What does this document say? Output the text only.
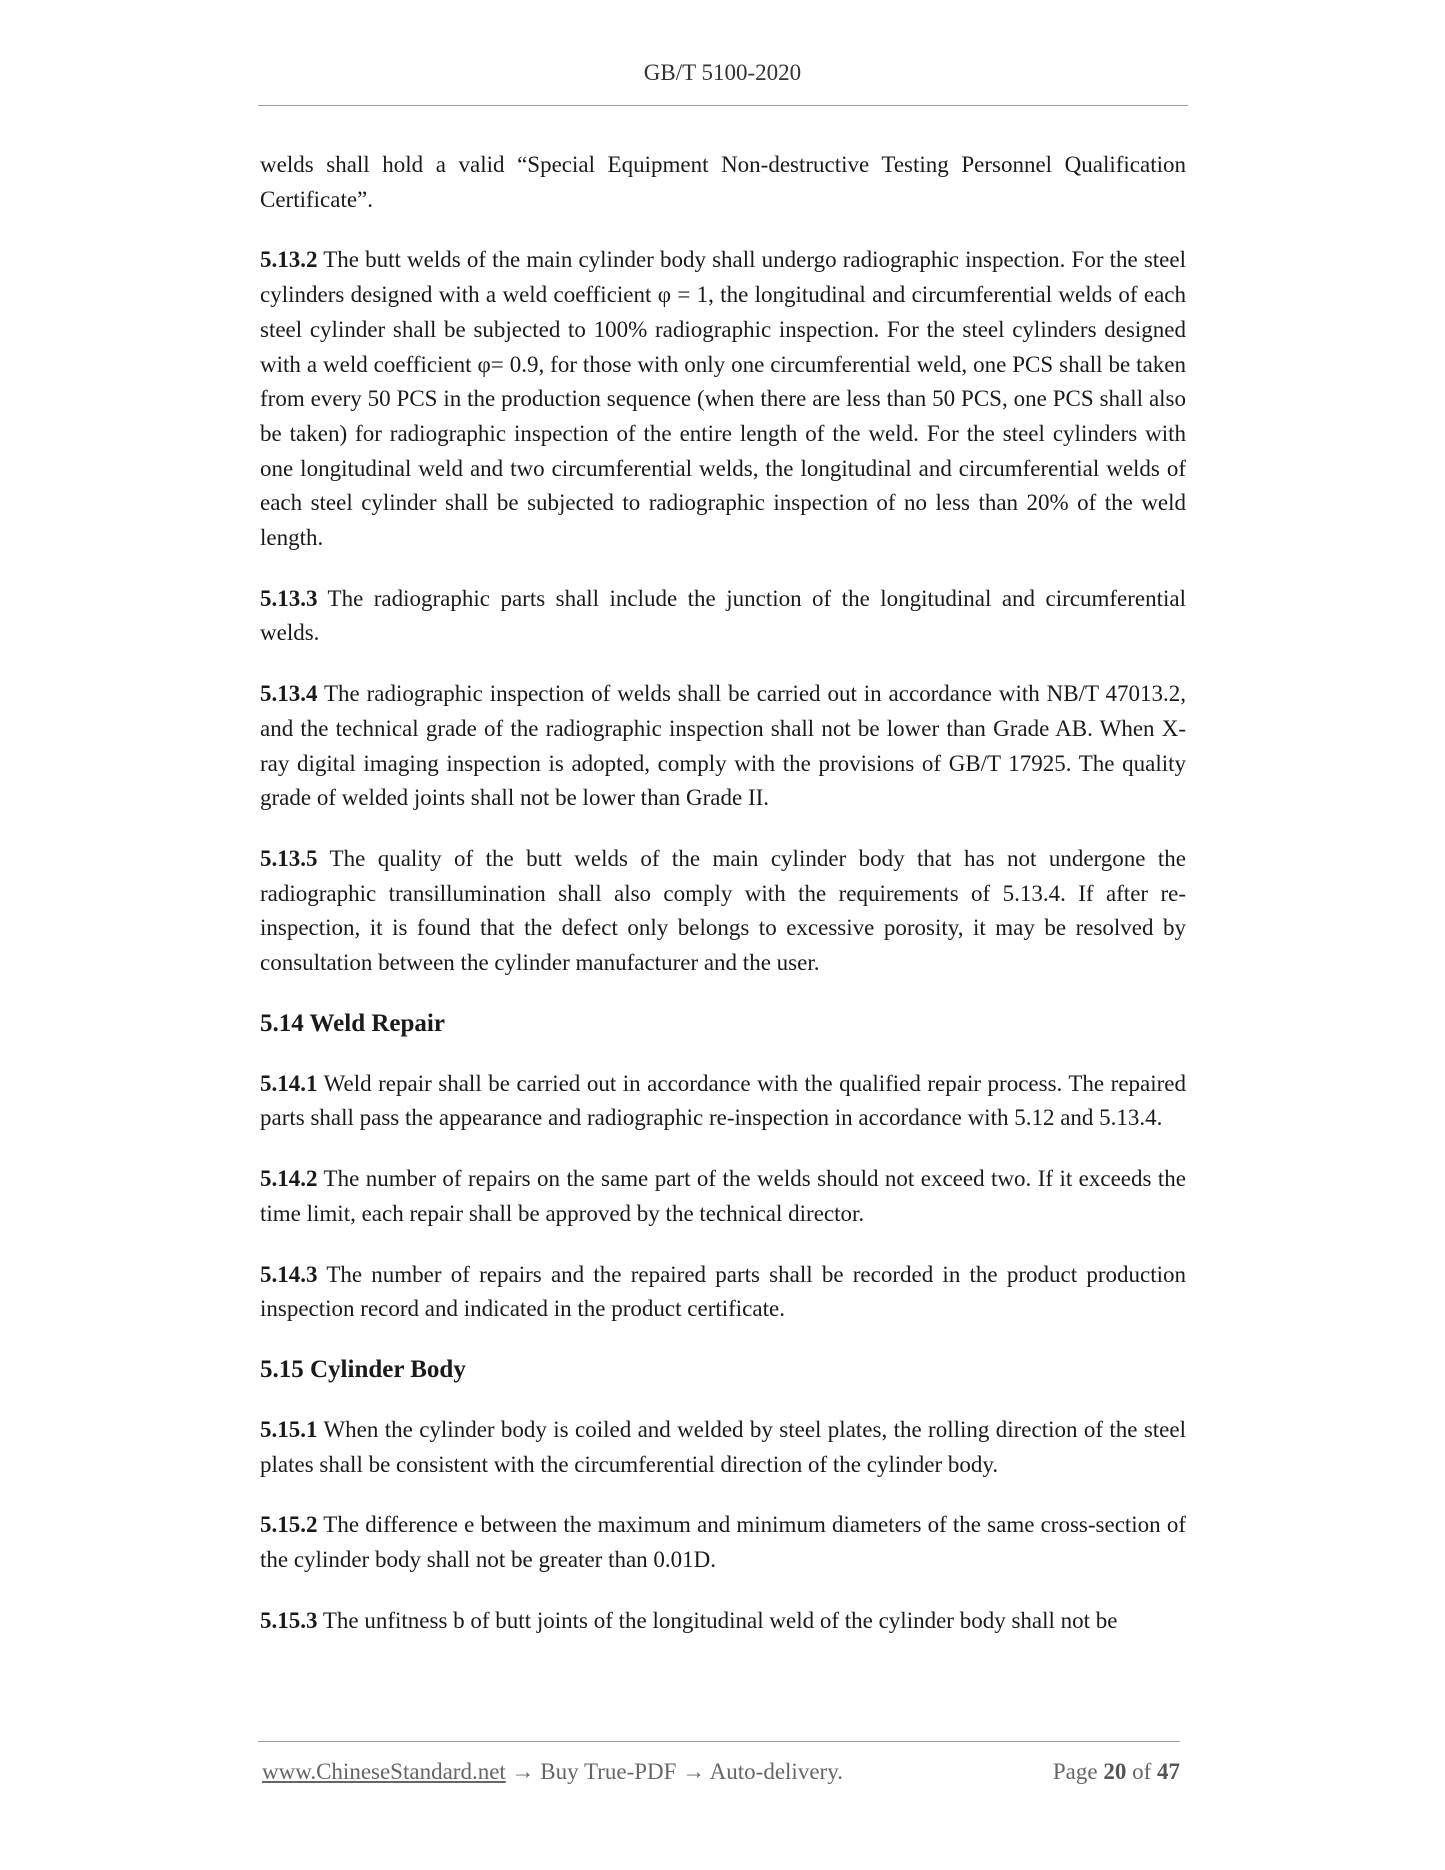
GB/T 5100-2020

welds shall hold a valid “Special Equipment Non-destructive Testing Personnel Qualification Certificate”.

5.13.2 The butt welds of the main cylinder body shall undergo radiographic inspection. For the steel cylinders designed with a weld coefficient φ = 1, the longitudinal and circumferential welds of each steel cylinder shall be subjected to 100% radiographic inspection. For the steel cylinders designed with a weld coefficient φ= 0.9, for those with only one circumferential weld, one PCS shall be taken from every 50 PCS in the production sequence (when there are less than 50 PCS, one PCS shall also be taken) for radiographic inspection of the entire length of the weld. For the steel cylinders with one longitudinal weld and two circumferential welds, the longitudinal and circumferential welds of each steel cylinder shall be subjected to radiographic inspection of no less than 20% of the weld length.

5.13.3 The radiographic parts shall include the junction of the longitudinal and circumferential welds.

5.13.4 The radiographic inspection of welds shall be carried out in accordance with NB/T 47013.2, and the technical grade of the radiographic inspection shall not be lower than Grade AB. When X-ray digital imaging inspection is adopted, comply with the provisions of GB/T 17925. The quality grade of welded joints shall not be lower than Grade II.

5.13.5 The quality of the butt welds of the main cylinder body that has not undergone the radiographic transillumination shall also comply with the requirements of 5.13.4. If after re-inspection, it is found that the defect only belongs to excessive porosity, it may be resolved by consultation between the cylinder manufacturer and the user.

5.14 Weld Repair

5.14.1 Weld repair shall be carried out in accordance with the qualified repair process. The repaired parts shall pass the appearance and radiographic re-inspection in accordance with 5.12 and 5.13.4.

5.14.2 The number of repairs on the same part of the welds should not exceed two. If it exceeds the time limit, each repair shall be approved by the technical director.

5.14.3 The number of repairs and the repaired parts shall be recorded in the product production inspection record and indicated in the product certificate.

5.15 Cylinder Body

5.15.1 When the cylinder body is coiled and welded by steel plates, the rolling direction of the steel plates shall be consistent with the circumferential direction of the cylinder body.

5.15.2 The difference e between the maximum and minimum diameters of the same cross-section of the cylinder body shall not be greater than 0.01D.

5.15.3 The unfitness b of butt joints of the longitudinal weld of the cylinder body shall not be

www.ChineseStandard.net → Buy True-PDF → Auto-delivery.	Page 20 of 47
